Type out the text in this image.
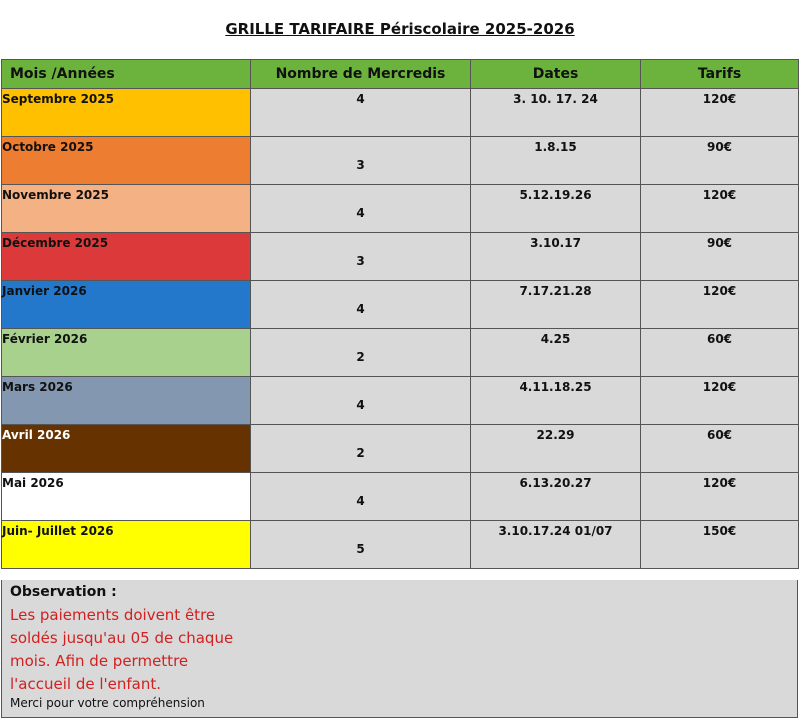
GRILLE TARIFAIRE Périscolaire 2025-2026
Mois /Années	Nombre de Mercredis	Dates	Tarifs

Septembre 2025	4	3. 10. 17. 24	120€

Octobre 2025	3	1.8.15	90€

Novembre 2025	4	5.12.19.26	120€

Décembre 2025	3	3.10.17	90€

Janvier 2026	4	7.17.21.28	120€

Février 2026	2	4.25	60€

Mars 2026	4	4.11.18.25	120€

Avril 2026	2	22.29	60€

Mai 2026	4	6.13.20.27	120€

Juin- Juillet 2026	5	3.10.17.24 01/07	150€
Observation :
Les paiements doivent être soldés jusqu'au 05 de chaque mois. Afin de permettre l'accueil de l'enfant.
Merci pour votre compréhension
